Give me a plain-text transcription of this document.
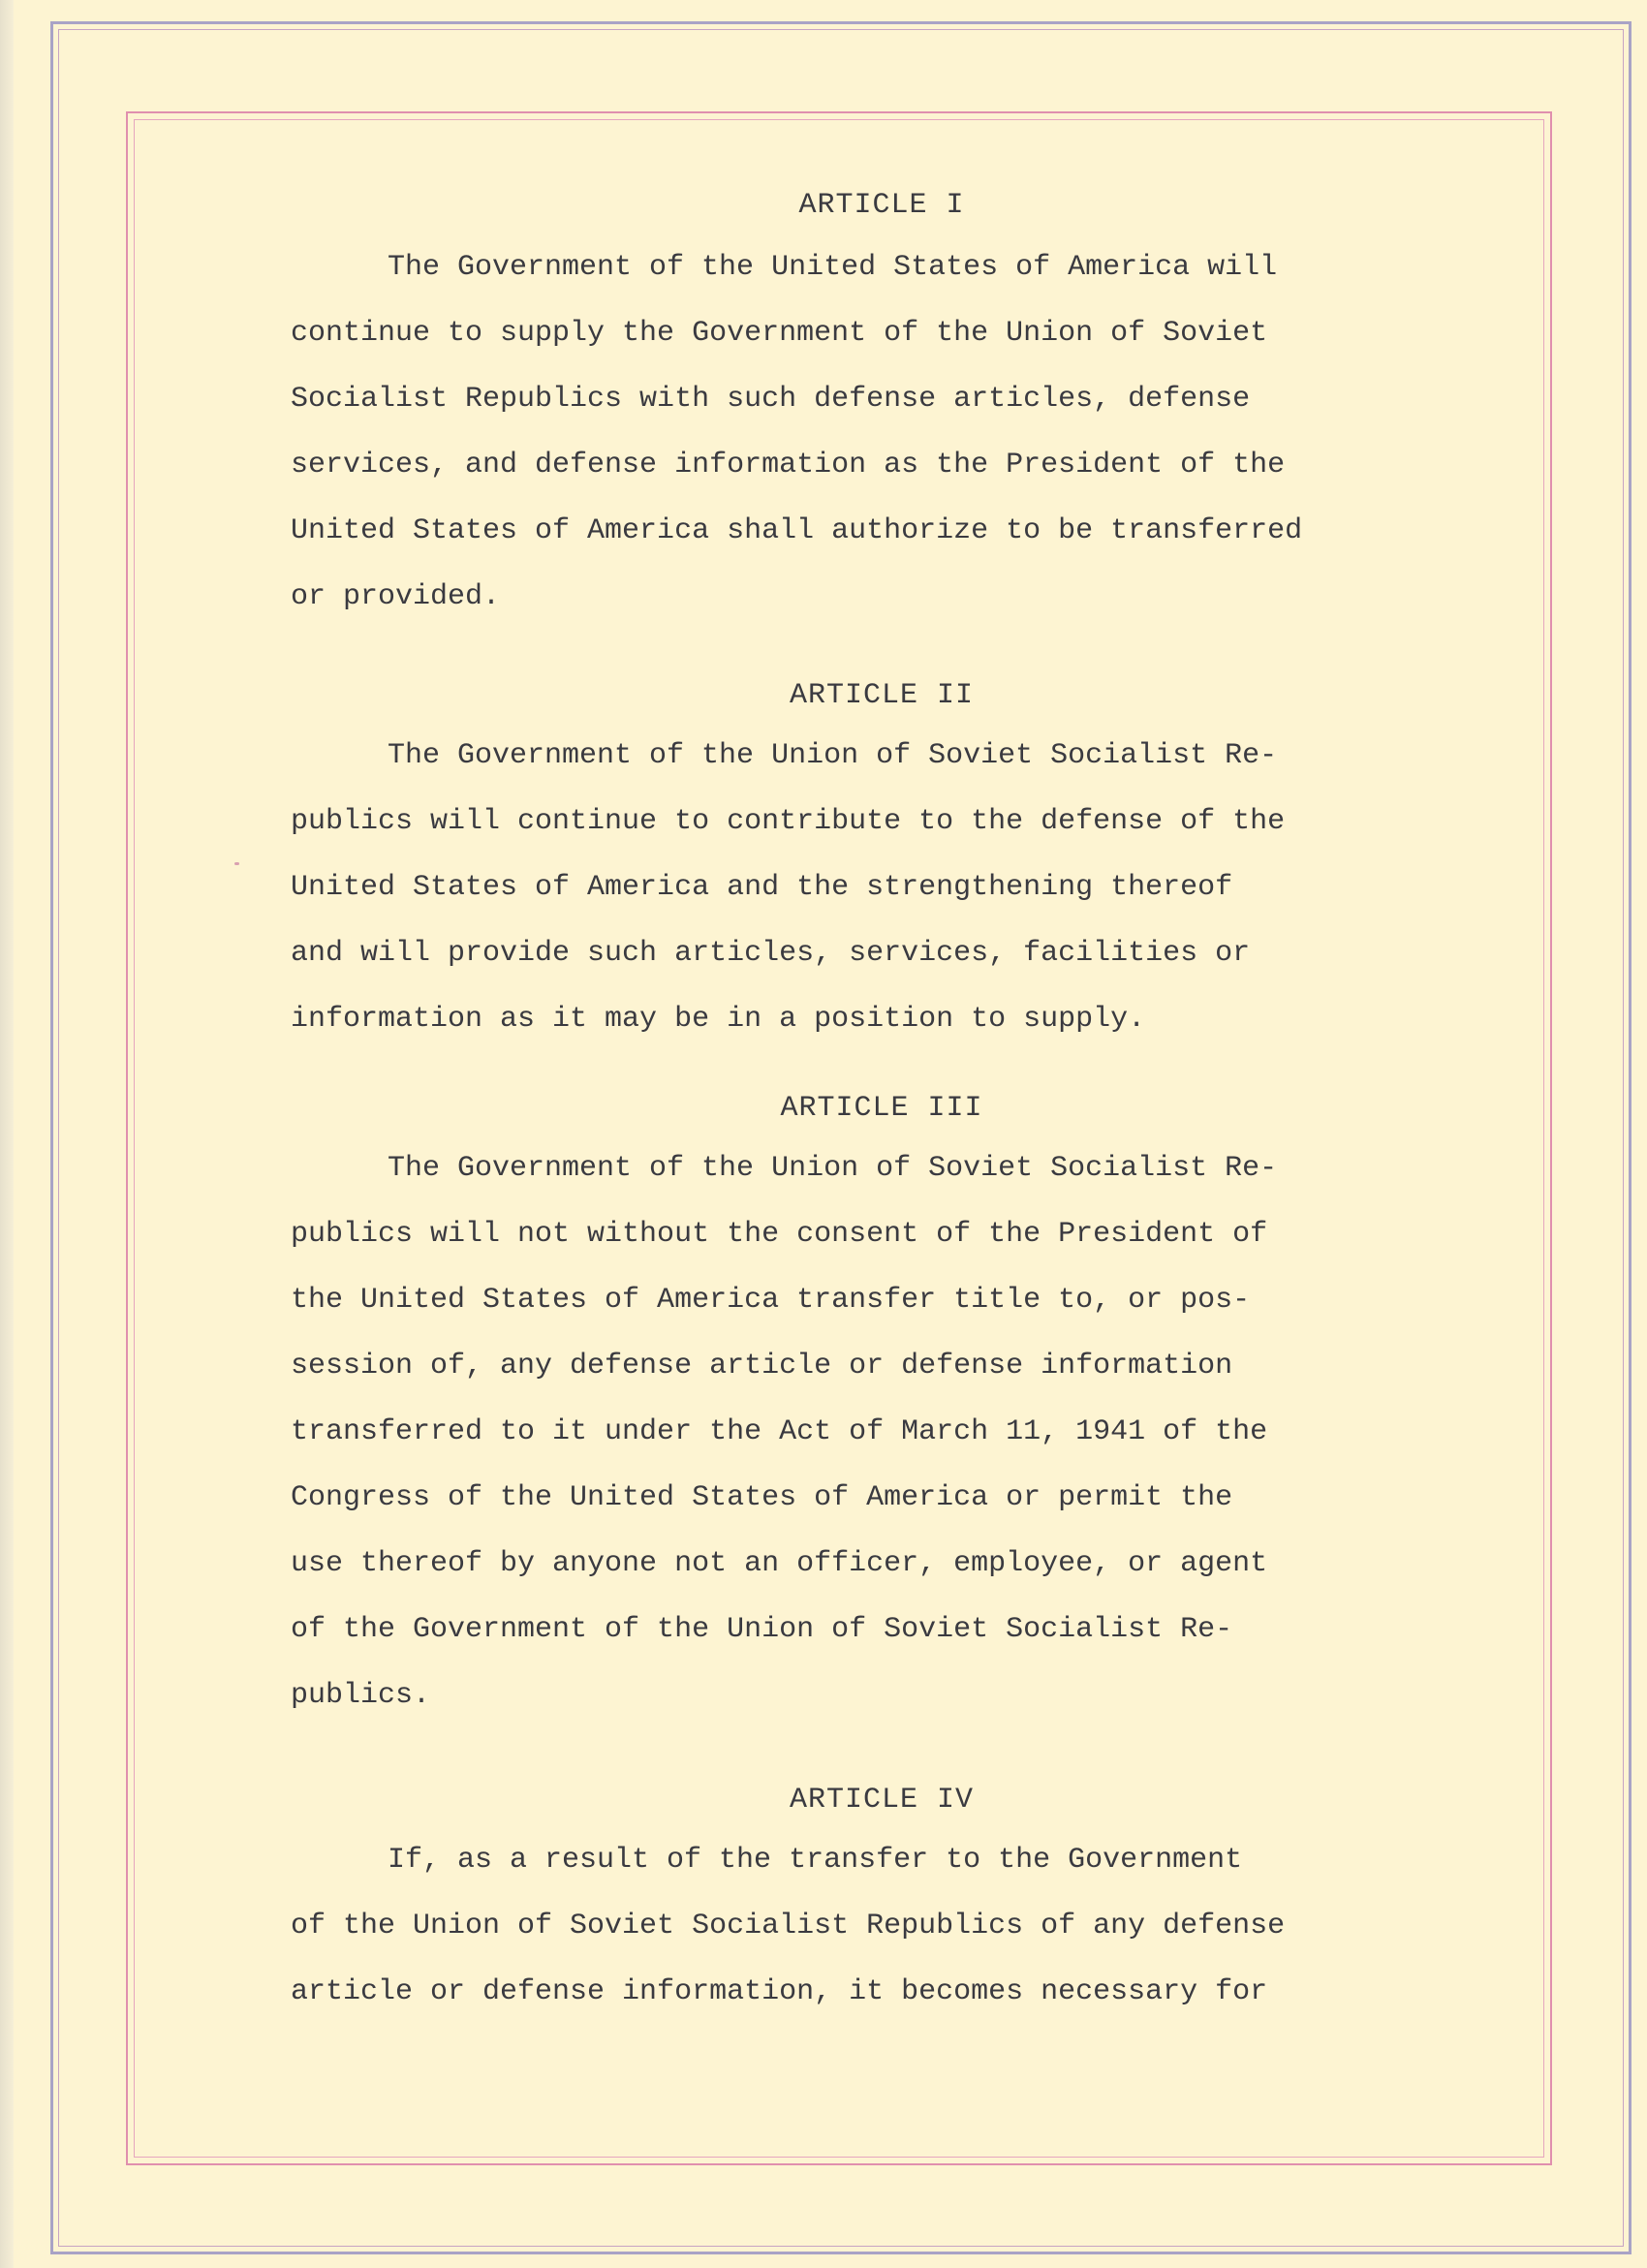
ARTICLE I

The Government of the United States of America will
continue to supply the Government of the Union of Soviet
Socialist Republics with such defense articles, defense
services, and defense information as the President of the
United States of America shall authorize to be transferred
or provided.

ARTICLE II

The Government of the Union of Soviet Socialist Re-
publics will continue to contribute to the defense of the
United States of America and the strengthening thereof
and will provide such articles, services, facilities or
information as it may be in a position to supply.

ARTICLE III

The Government of the Union of Soviet Socialist Re-
publics will not without the consent of the President of
the United States of America transfer title to, or pos-
session of, any defense article or defense information
transferred to it under the Act of March 11, 1941 of the
Congress of the United States of America or permit the
use thereof by anyone not an officer, employee, or agent
of the Government of the Union of Soviet Socialist Re-
publics.

ARTICLE IV

If, as a result of the transfer to the Government
of the Union of Soviet Socialist Republics of any defense
article or defense information, it becomes necessary for
